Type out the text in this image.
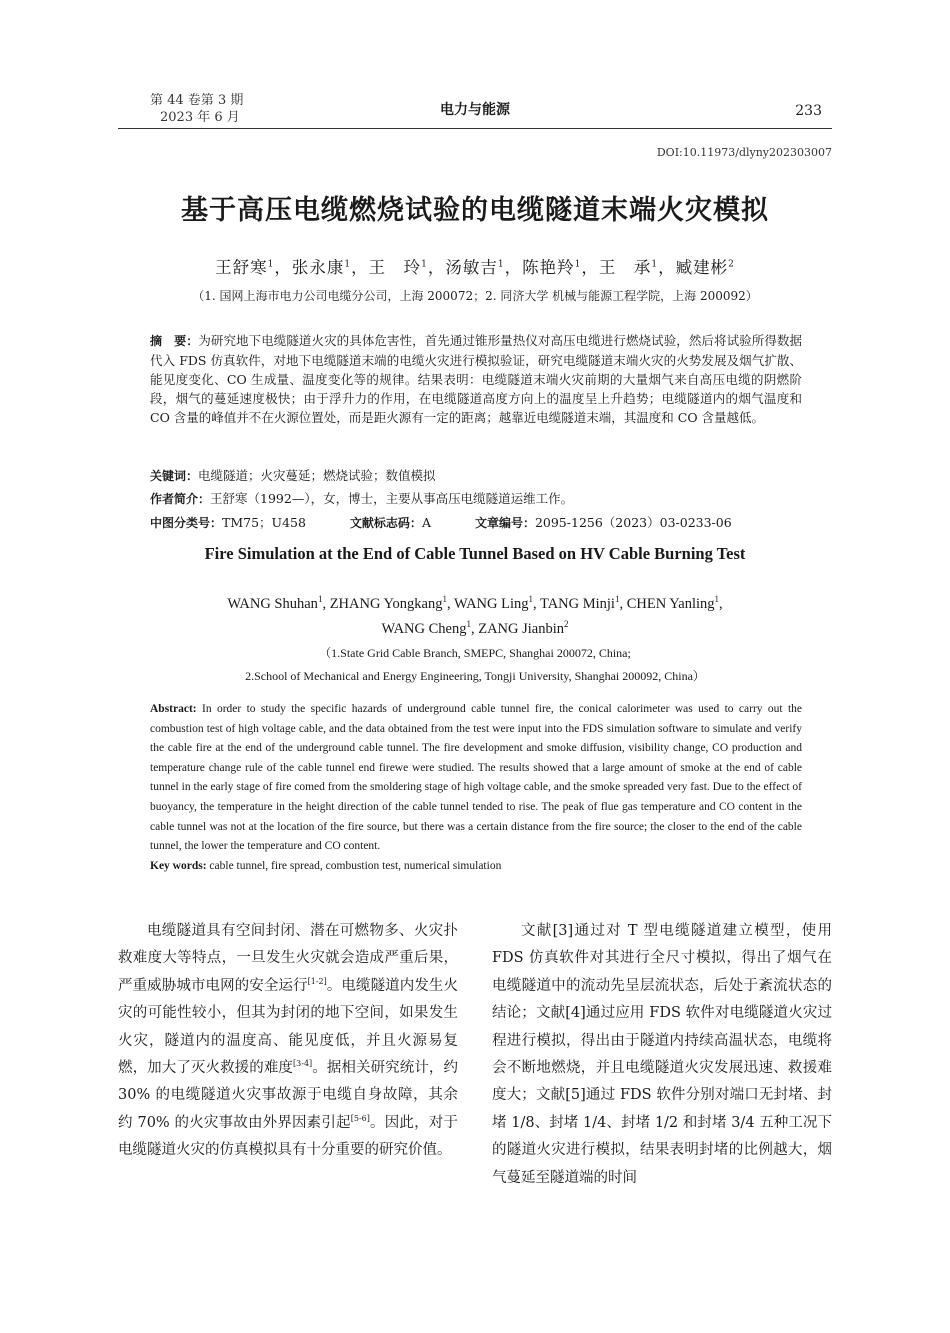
第 44 卷第 3 期
2023 年 6 月	电力与能源	233
DOI:10.11973/dlyny202303007
基于高压电缆燃烧试验的电缆隧道末端火灾模拟
王舒寒$^1$，张永康$^1$，王　玲$^1$，汤敏吉$^1$，陈艳羚$^1$，王　承$^1$，臧建彬$^2$
（1. 国网上海市电力公司电缆分公司，上海 200072；2. 同济大学 机械与能源工程学院，上海 200092）
摘　要：为研究地下电缆隧道火灾的具体危害性，首先通过锥形量热仪对高压电缆进行燃烧试验，然后将试验所得数据代入 FDS 仿真软件，对地下电缆隧道末端的电缆火灾进行模拟验证，研究电缆隧道末端火灾的火势发展及烟气扩散、能见度变化、CO 生成量、温度变化等的规律。结果表明：电缆隧道末端火灾前期的大量烟气来自高压电缆的阴燃阶段，烟气的蔓延速度极快；由于浮升力的作用，在电缆隧道高度方向上的温度呈上升趋势；电缆隧道内的烟气温度和 CO 含量的峰值并不在火源位置处，而是距火源有一定的距离；越靠近电缆隧道末端，其温度和 CO 含量越低。
关键词：电缆隧道；火灾蔓延；燃烧试验；数值模拟
作者简介：王舒寒（1992—），女，博士，主要从事高压电缆隧道运维工作。
中图分类号：TM75；U458	文献标志码：A	文章编号：2095-1256（2023）03-0233-06
Fire Simulation at the End of Cable Tunnel Based on HV Cable Burning Test
WANG Shuhan$^1$, ZHANG Yongkang$^1$, WANG Ling$^1$, TANG Minji$^1$, CHEN Yanling$^1$,
WANG Cheng$^1$, ZANG Jianbin$^2$
（1.State Grid Cable Branch, SMEPC, Shanghai 200072, China;
2.School of Mechanical and Energy Engineering, Tongji University, Shanghai 200092, China）
Abstract: In order to study the specific hazards of underground cable tunnel fire, the conical calorimeter was used to carry out the combustion test of high voltage cable, and the data obtained from the test were input into the FDS simulation software to simulate and verify the cable fire at the end of the underground cable tunnel. The fire development and smoke diffusion, visibility change, CO production and temperature change rule of the cable tunnel end firewe were studied. The results showed that a large amount of smoke at the end of cable tunnel in the early stage of fire comed from the smoldering stage of high voltage cable, and the smoke spreaded very fast. Due to the effect of buoyancy, the temperature in the height direction of the cable tunnel tended to rise. The peak of flue gas temperature and CO content in the cable tunnel was not at the location of the fire source, but there was a certain distance from the fire source; the closer to the end of the cable tunnel, the lower the temperature and CO content.
Key words: cable tunnel, fire spread, combustion test, numerical simulation

电缆隧道具有空间封闭、潜在可燃物多、火灾扑救难度大等特点，一旦发生火灾就会造成严重后果，严重威胁城市电网的安全运行[1-2]。电缆隧道内发生火灾的可能性较小，但其为封闭的地下空间，如果发生火灾，隧道内的温度高、能见度低，并且火源易复燃，加大了灭火救援的难度[3-4]。据相关研究统计，约 30% 的电缆隧道火灾事故源于电缆自身故障，其余约 70% 的火灾事故由外界因素引起[5-6]。因此，对于电缆隧道火灾的仿真模拟具有十分重要的研究价值。

文献[3]通过对 T 型电缆隧道建立模型，使用 FDS 仿真软件对其进行全尺寸模拟，得出了烟气在电缆隧道中的流动先呈层流状态，后处于紊流状态的结论；文献[4]通过应用 FDS 软件对电缆隧道火灾过程进行模拟，得出由于隧道内持续高温状态，电缆将会不断地燃烧，并且电缆隧道火灾发展迅速、救援难度大；文献[5]通过 FDS 软件分别对端口无封堵、封堵 1/8、封堵 1/4、封堵 1/2 和封堵 3/4 五种工况下的隧道火灾进行模拟，结果表明封堵的比例越大，烟气蔓延至隧道端的时间
